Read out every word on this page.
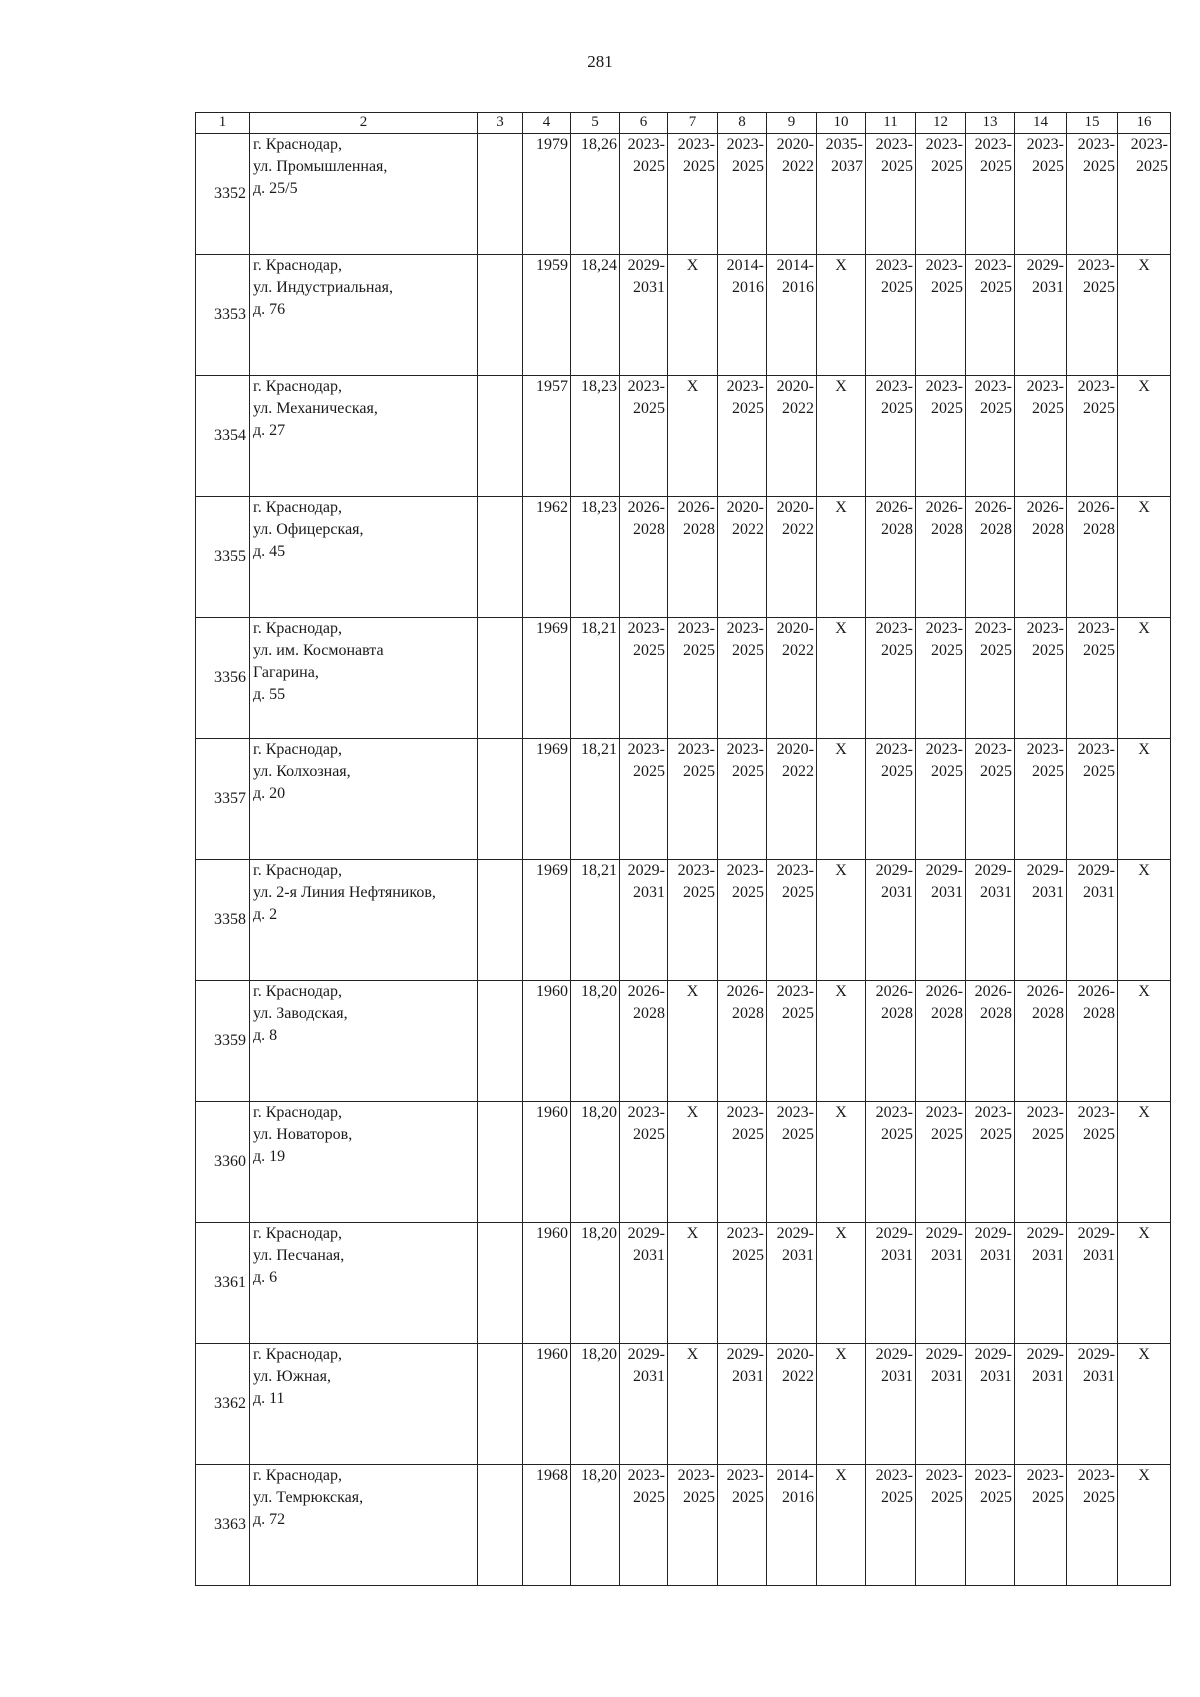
281
1	2	3	4	5	6	7	8	9	10	11	12	13	14	15	16
3352	г. Краснодар,
ул. Промышленная,
д. 25/5		1979	18,26	2023-
2025	2023-
2025	2023-
2025	2020-
2022	2035-
2037	2023-
2025	2023-
2025	2023-
2025	2023-
2025	2023-
2025	2023-
2025
3353	г. Краснодар,
ул. Индустриальная,
д. 76		1959	18,24	2029-
2031	X	2014-
2016	2014-
2016	X	2023-
2025	2023-
2025	2023-
2025	2029-
2031	2023-
2025	X
3354	г. Краснодар,
ул. Механическая,
д. 27		1957	18,23	2023-
2025	X	2023-
2025	2020-
2022	X	2023-
2025	2023-
2025	2023-
2025	2023-
2025	2023-
2025	X
3355	г. Краснодар,
ул. Офицерская,
д. 45		1962	18,23	2026-
2028	2026-
2028	2020-
2022	2020-
2022	X	2026-
2028	2026-
2028	2026-
2028	2026-
2028	2026-
2028	X
3356	г. Краснодар,
ул. им. Космонавта
Гагарина,
д. 55		1969	18,21	2023-
2025	2023-
2025	2023-
2025	2020-
2022	X	2023-
2025	2023-
2025	2023-
2025	2023-
2025	2023-
2025	X
3357	г. Краснодар,
ул. Колхозная,
д. 20		1969	18,21	2023-
2025	2023-
2025	2023-
2025	2020-
2022	X	2023-
2025	2023-
2025	2023-
2025	2023-
2025	2023-
2025	X
3358	г. Краснодар,
ул. 2-я Линия Нефтяников,
д. 2		1969	18,21	2029-
2031	2023-
2025	2023-
2025	2023-
2025	X	2029-
2031	2029-
2031	2029-
2031	2029-
2031	2029-
2031	X
3359	г. Краснодар,
ул. Заводская,
д. 8		1960	18,20	2026-
2028	X	2026-
2028	2023-
2025	X	2026-
2028	2026-
2028	2026-
2028	2026-
2028	2026-
2028	X
3360	г. Краснодар,
ул. Новаторов,
д. 19		1960	18,20	2023-
2025	X	2023-
2025	2023-
2025	X	2023-
2025	2023-
2025	2023-
2025	2023-
2025	2023-
2025	X
3361	г. Краснодар,
ул. Песчаная,
д. 6		1960	18,20	2029-
2031	X	2023-
2025	2029-
2031	X	2029-
2031	2029-
2031	2029-
2031	2029-
2031	2029-
2031	X
3362	г. Краснодар,
ул. Южная,
д. 11		1960	18,20	2029-
2031	X	2029-
2031	2020-
2022	X	2029-
2031	2029-
2031	2029-
2031	2029-
2031	2029-
2031	X
3363	г. Краснодар,
ул. Темрюкская,
д. 72		1968	18,20	2023-
2025	2023-
2025	2023-
2025	2014-
2016	X	2023-
2025	2023-
2025	2023-
2025	2023-
2025	2023-
2025	X
